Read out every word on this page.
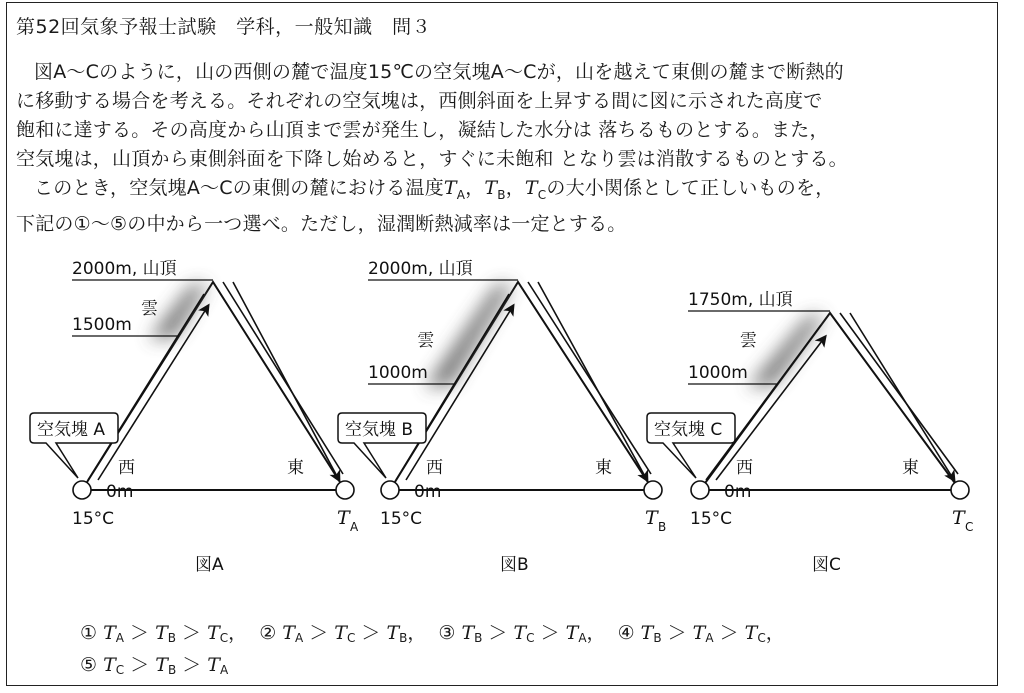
第52回気象予報士試験　学科，一般知識　問３

図A～Cのように，山の西側の麓で温度15℃の空気塊A～Cが，山を越えて東側の麓まで断熱的

に移動する場合を考える。それぞれの空気塊は，西側斜面を上昇する間に図に示された高度で

飽和に達する。その高度から山頂まで雲が発生し，凝結した水分は 落ちるものとする。また，

空気塊は，山頂から東側斜面を下降し始めると，すぐに未飽和 となり雲は消散するものとする。

このとき，空気塊A～Cの東側の麓における温度$T_A$，$T_B$，$T_C$の大小関係として正しいものを，

下記の①～⑤の中から一つ選べ。ただし，湿潤断熱減率は一定とする。

2000m, 山頂
1500m
雲
空気塊 A
西	東
0m
15°C	T A
図A
2000m, 山頂
1000m
雲
空気塊 B
西	東
0m
15°C	T B
図B
1750m, 山頂
1000m
雲
空気塊 C
西	東
0m
15°C	T C
図C
① $T_A > T_B > T_C$， ② $T_A > T_C > T_B$， ③ $T_B > T_C > T_A$， ④ $T_B > T_A > T_C$，
⑤ $T_C > T_B > T_A$
